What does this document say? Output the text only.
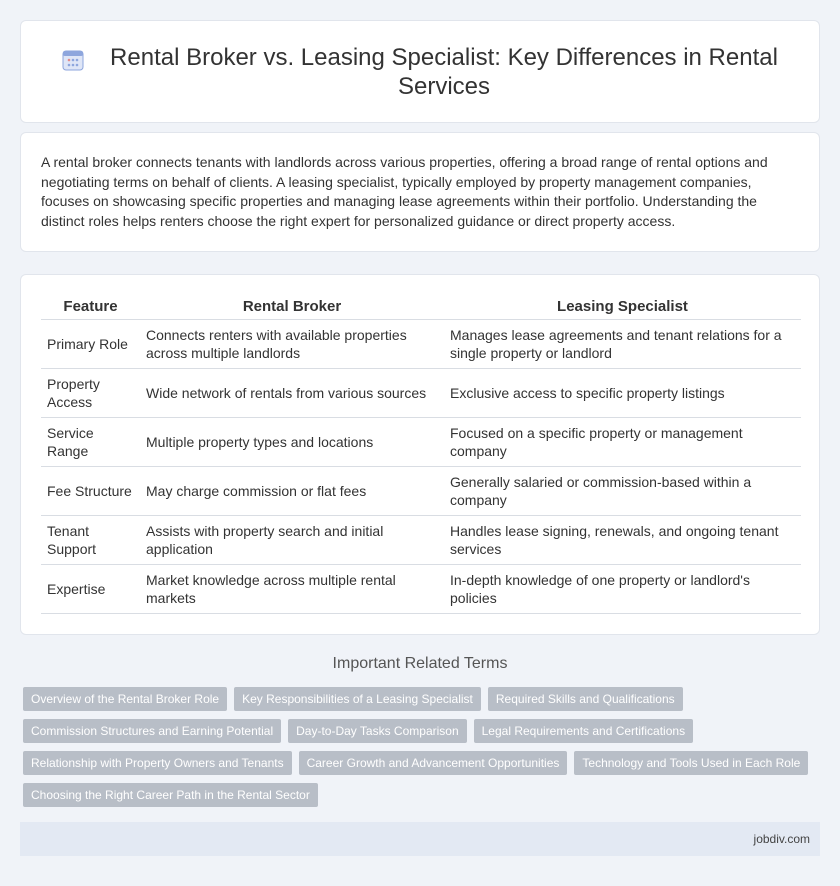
Rental Broker vs. Leasing Specialist: Key Differences in Rental Services

A rental broker connects tenants with landlords across various properties, offering a broad range of rental options and negotiating terms on behalf of clients. A leasing specialist, typically employed by property management companies, focuses on showcasing specific properties and managing lease agreements within their portfolio. Understanding the distinct roles helps renters choose the right expert for personalized guidance or direct property access.

Feature	Rental Broker	Leasing Specialist
Primary Role	Connects renters with available properties across multiple landlords	Manages lease agreements and tenant relations for a single property or landlord
Property Access	Wide network of rentals from various sources	Exclusive access to specific property listings
Service Range	Multiple property types and locations	Focused on a specific property or management company
Fee Structure	May charge commission or flat fees	Generally salaried or commission-based within a company
Tenant Support	Assists with property search and initial application	Handles lease signing, renewals, and ongoing tenant services
Expertise	Market knowledge across multiple rental markets	In-depth knowledge of one property or landlord's policies
Important Related Terms
Overview of the Rental Broker Role	Key Responsibilities of a Leasing Specialist	Required Skills and Qualifications
Commission Structures and Earning Potential	Day-to-Day Tasks Comparison	Legal Requirements and Certifications
Relationship with Property Owners and Tenants	Career Growth and Advancement Opportunities	Technology and Tools Used in Each Role
Choosing the Right Career Path in the Rental Sector
jobdiv.com
